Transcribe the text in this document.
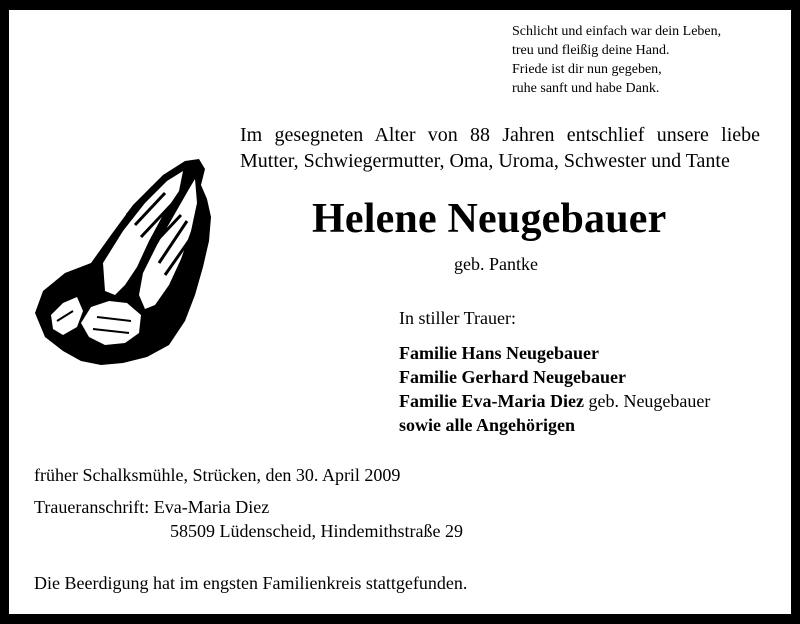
Schlicht und einfach war dein Leben,
treu und fleißig deine Hand.
Friede ist dir nun gegeben,
ruhe sanft und habe Dank.
Im gesegneten Alter von 88 Jahren entschlief unsere liebe
Mutter, Schwiegermutter, Oma, Uroma, Schwester und Tante
Helene Neugebauer
geb. Pantke
In stiller Trauer:
Familie Hans Neugebauer
Familie Gerhard Neugebauer
Familie Eva-Maria Diez geb. Neugebauer
sowie alle Angehörigen
früher Schalksmühle, Strücken, den 30. April 2009
Traueranschrift: Eva-Maria Diez
58509 Lüdenscheid, Hindemithstraße 29
Die Beerdigung hat im engsten Familienkreis stattgefunden.
